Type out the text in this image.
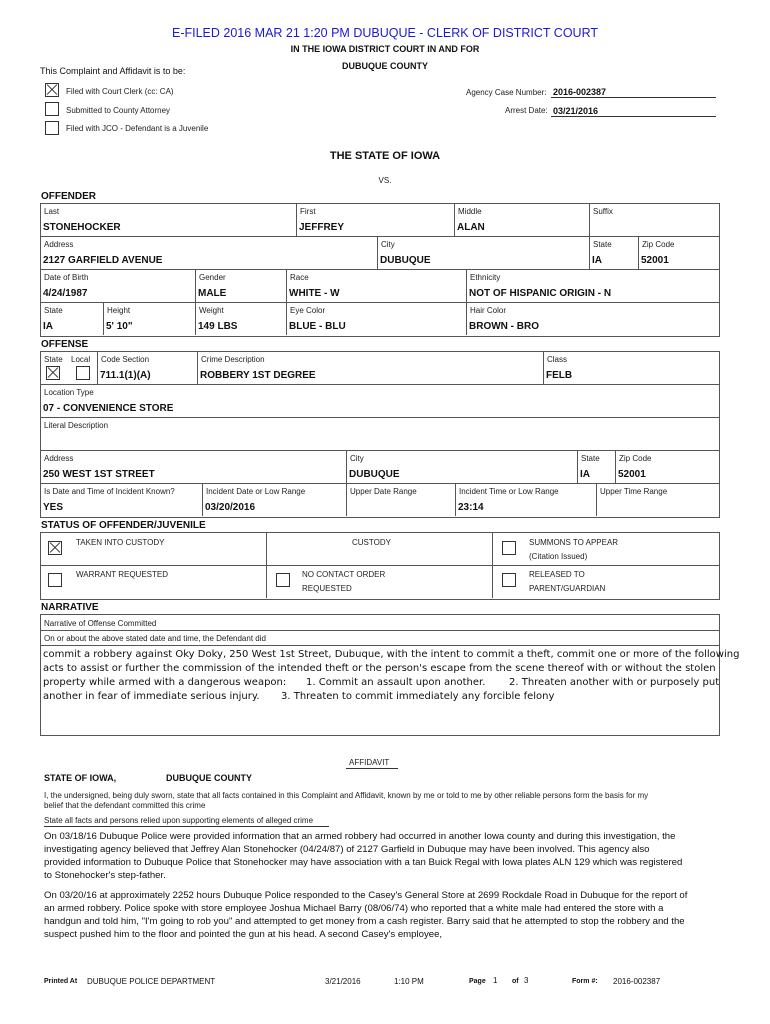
E-FILED 2016 MAR 21 1:20 PM DUBUQUE - CLERK OF DISTRICT COURT
IN THE IOWA DISTRICT COURT IN AND FOR
DUBUQUE COUNTY
This Complaint and Affidavit is to be:
Filed with Court Clerk (cc: CA)
Submitted to County Attorney
Filed with JCO - Defendant is a Juvenile
Agency Case Number: 2016-002387
Arrest Date: 03/21/2016
THE STATE OF IOWA
VS.
OFFENDER
Last
STONEHOCKER
First
JEFFREY
Middle
ALAN
Suffix
Address
2127 GARFIELD AVENUE
City
DUBUQUE
State
IA
Zip Code
52001
Date of Birth
4/24/1987
Gender
MALE
Race
WHITE - W
Ethnicity
NOT OF HISPANIC ORIGIN - N
State
IA
Height
5' 10"
Weight
149 LBS
Eye Color
BLUE - BLU
Hair Color
BROWN - BRO
OFFENSE
State Local Code Section
711.1(1)(A)
Crime Description
ROBBERY 1ST DEGREE
Class
FELB
Location Type
07 - CONVENIENCE STORE
Literal Description
Address
250 WEST 1ST STREET
City
DUBUQUE
State
IA
Zip Code
52001
Is Date and Time of Incident Known?
YES
Incident Date or Low Range
03/20/2016
Upper Date Range	Incident Time or Low Range
23:14
Upper Time Range
STATUS OF OFFENDER/JUVENILE
TAKEN INTO CUSTODY	CUSTODY	SUMMONS TO APPEAR
(Citation Issued)
WARRANT REQUESTED	NO CONTACT ORDER
REQUESTED
RELEASED TO
PARENT/GUARDIAN
NARRATIVE
Narrative of Offense Committed
On or about the above stated date and time, the Defendant did
commit a robbery against Oky Doky, 250 West 1st Street, Dubuque, with the intent to commit a theft, commit one or more of the following
acts to assist or further the commission of the intended theft or the person's escape from the scene thereof with or without the stolen
property while armed with a dangerous weapon: 1. Commit an assault upon another. 2. Threaten another with or purposely put
another in fear of immediate serious injury. 3. Threaten to commit immediately any forcible felony
AFFIDAVIT
STATE OF IOWA,	DUBUQUE COUNTY
I, the undersigned, being duly sworn, state that all facts contained in this Complaint and Affidavit, known by me or told to me by other reliable persons form the basis for my
belief that the defendant committed this crime
State all facts and persons relied upon supporting elements of alleged crime
On 03/18/16 Dubuque Police were provided information that an armed robbery had occurred in another Iowa county and during this investigation, the
investigating agency believed that Jeffrey Alan Stonehocker (04/24/87) of 2127 Garfield in Dubuque may have been involved. This agency also
provided information to Dubuque Police that Stonehocker may have association with a tan Buick Regal with Iowa plates ALN 129 which was registered
to Stonehocker's step-father.
On 03/20/16 at approximately 2252 hours Dubuque Police responded to the Casey's General Store at 2699 Rockdale Road in Dubuque for the report of
an armed robbery. Police spoke with store employee Joshua Michael Barry (08/06/74) who reported that a white male had entered the store with a
handgun and told him, "I'm going to rob you" and attempted to get money from a cash register. Barry said that he attempted to stop the robbery and the
suspect pushed him to the floor and pointed the gun at his head. A second Casey's employee,
Printed At DUBUQUE POLICE DEPARTMENT	3/21/2016	1:10 PM	Page 1 of 3	Form #: 2016-002387
